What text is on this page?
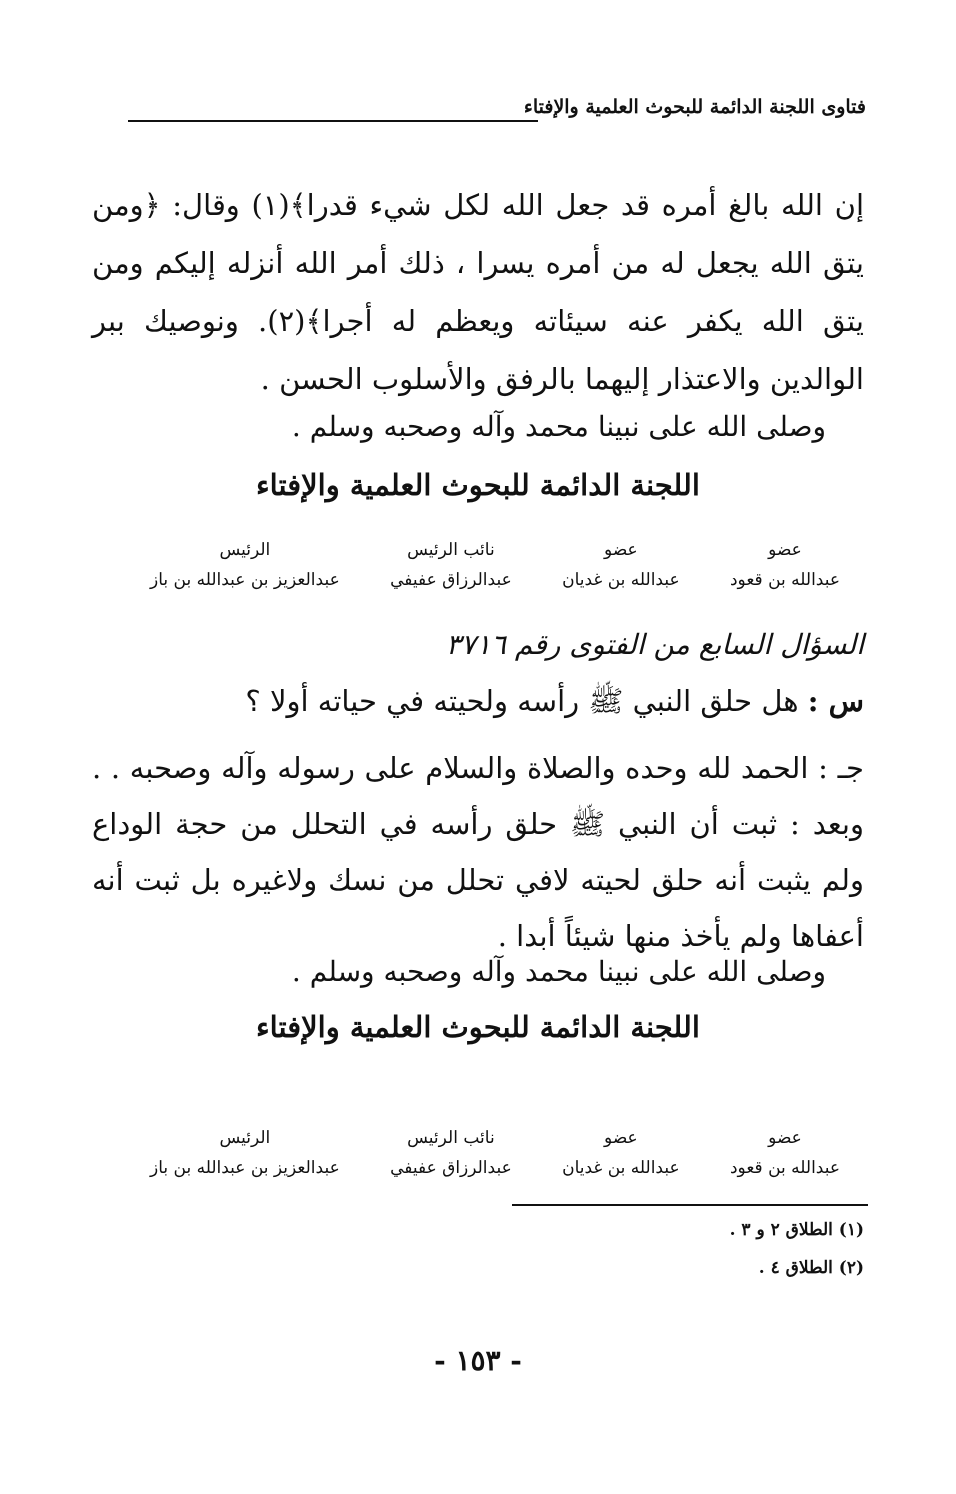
فتاوى اللجنة الدائمة للبحوث العلمية والإفتاء

إن الله بالغ أمره قد جعل الله لكل شيء قدرا﴾(١) وقال: ﴿ومن يتق الله يجعل له من أمره يسرا ، ذلك أمر الله أنزله إليكم ومن يتق الله يكفر عنه سيئاته ويعظم له أجرا﴾(٢). ونوصيك ببر الوالدين والاعتذار إليهما بالرفق والأسلوب الحسن .

وصلى الله على نبينا محمد وآله وصحبه وسلم .
اللجنة الدائمة للبحوث العلمية والإفتاء
عضو
عبدالله بن قعود
عضو
عبدالله بن غديان
نائب الرئيس
عبدالرزاق عفيفي
الرئيس
عبدالعزيز بن عبدالله بن باز
السؤال السابع من الفتوى رقم ٣٧١٦
س : هل حلق النبي ﷺ رأسه ولحيته في حياته أولا ؟

جـ : الحمد لله وحده والصلاة والسلام على رسوله وآله وصحبه . . وبعد : ثبت أن النبي ﷺ حلق رأسه في التحلل من حجة الوداع ولم يثبت أنه حلق لحيته لافي تحلل من نسك ولاغيره بل ثبت أنه أعفاها ولم يأخذ منها شيئاً أبدا .

وصلى الله على نبينا محمد وآله وصحبه وسلم .
اللجنة الدائمة للبحوث العلمية والإفتاء
عضو
عبدالله بن قعود
عضو
عبدالله بن غديان
نائب الرئيس
عبدالرزاق عفيفي
الرئيس
عبدالعزيز بن عبدالله بن باز
(١) الطلاق ٢ و ٣ .
(٢) الطلاق ٤ .
- ١٥٣ -
